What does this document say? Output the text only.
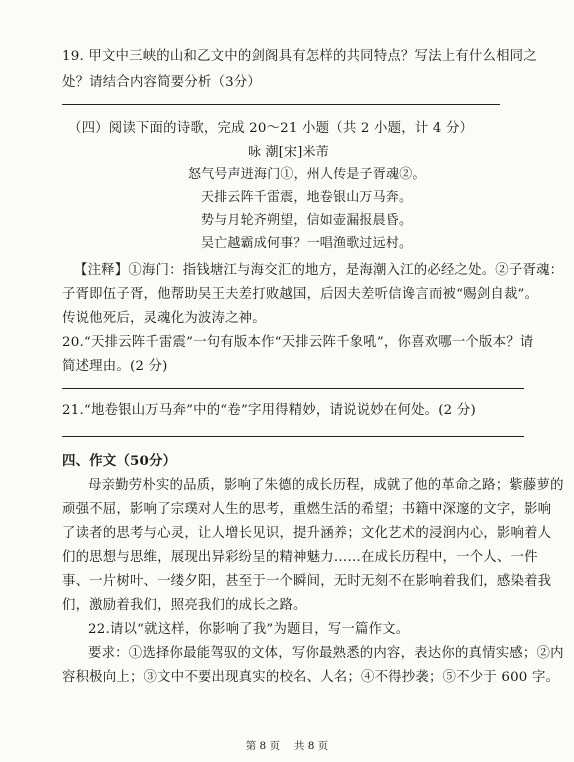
19. 甲文中三峡的山和乙文中的剑阁具有怎样的共同特点？写法上有什么相同之
处？请结合内容简要分析（3分）
（四）阅读下面的诗歌，完成 20～21 小题（共 2 小题，计 4 分）
咏 潮[宋]米芾
怒气号声迸海门①，州人传是子胥魂②。
天排云阵千雷震，地卷银山万马奔。
势与月轮齐朔望，信如壶漏报晨昏。
吴亡越霸成何事？一唱渔歌过远村。
【注释】①海门：指钱塘江与海交汇的地方，是海潮入江的必经之处。②子胥魂：
子胥即伍子胥，他帮助吴王夫差打败越国，后因夫差听信谗言而被“赐剑自裁”。
传说他死后，灵魂化为波涛之神。
20.“天排云阵千雷震”一句有版本作“天排云阵千象吼”，你喜欢哪一个版本？请
简述理由。(2 分)
21.“地卷银山万马奔”中的“卷”字用得精妙，请说说妙在何处。(2 分)
四、作文（50分）
母亲勤劳朴实的品质，影响了朱德的成长历程，成就了他的革命之路；紫藤萝的
顽强不屈，影响了宗璞对人生的思考，重燃生活的希望；书籍中深邃的文字，影响
了读者的思考与心灵，让人增长见识，提升涵养；文化艺术的浸润内心，影响着人
们的思想与思维，展现出异彩纷呈的精神魅力……在成长历程中，一个人、一件
事、一片树叶、一缕夕阳，甚至于一个瞬间，无时无刻不在影响着我们，感染着我
们，激励着我们，照亮我们的成长之路。
22.请以“就这样，你影响了我”为题目，写一篇作文。
要求：①选择你最能驾驭的文体，写你最熟悉的内容，表达你的真情实感；②内
容积极向上；③文中不要出现真实的校名、人名；④不得抄袭；⑤不少于 600 字。
第 8 页　 共 8 页
